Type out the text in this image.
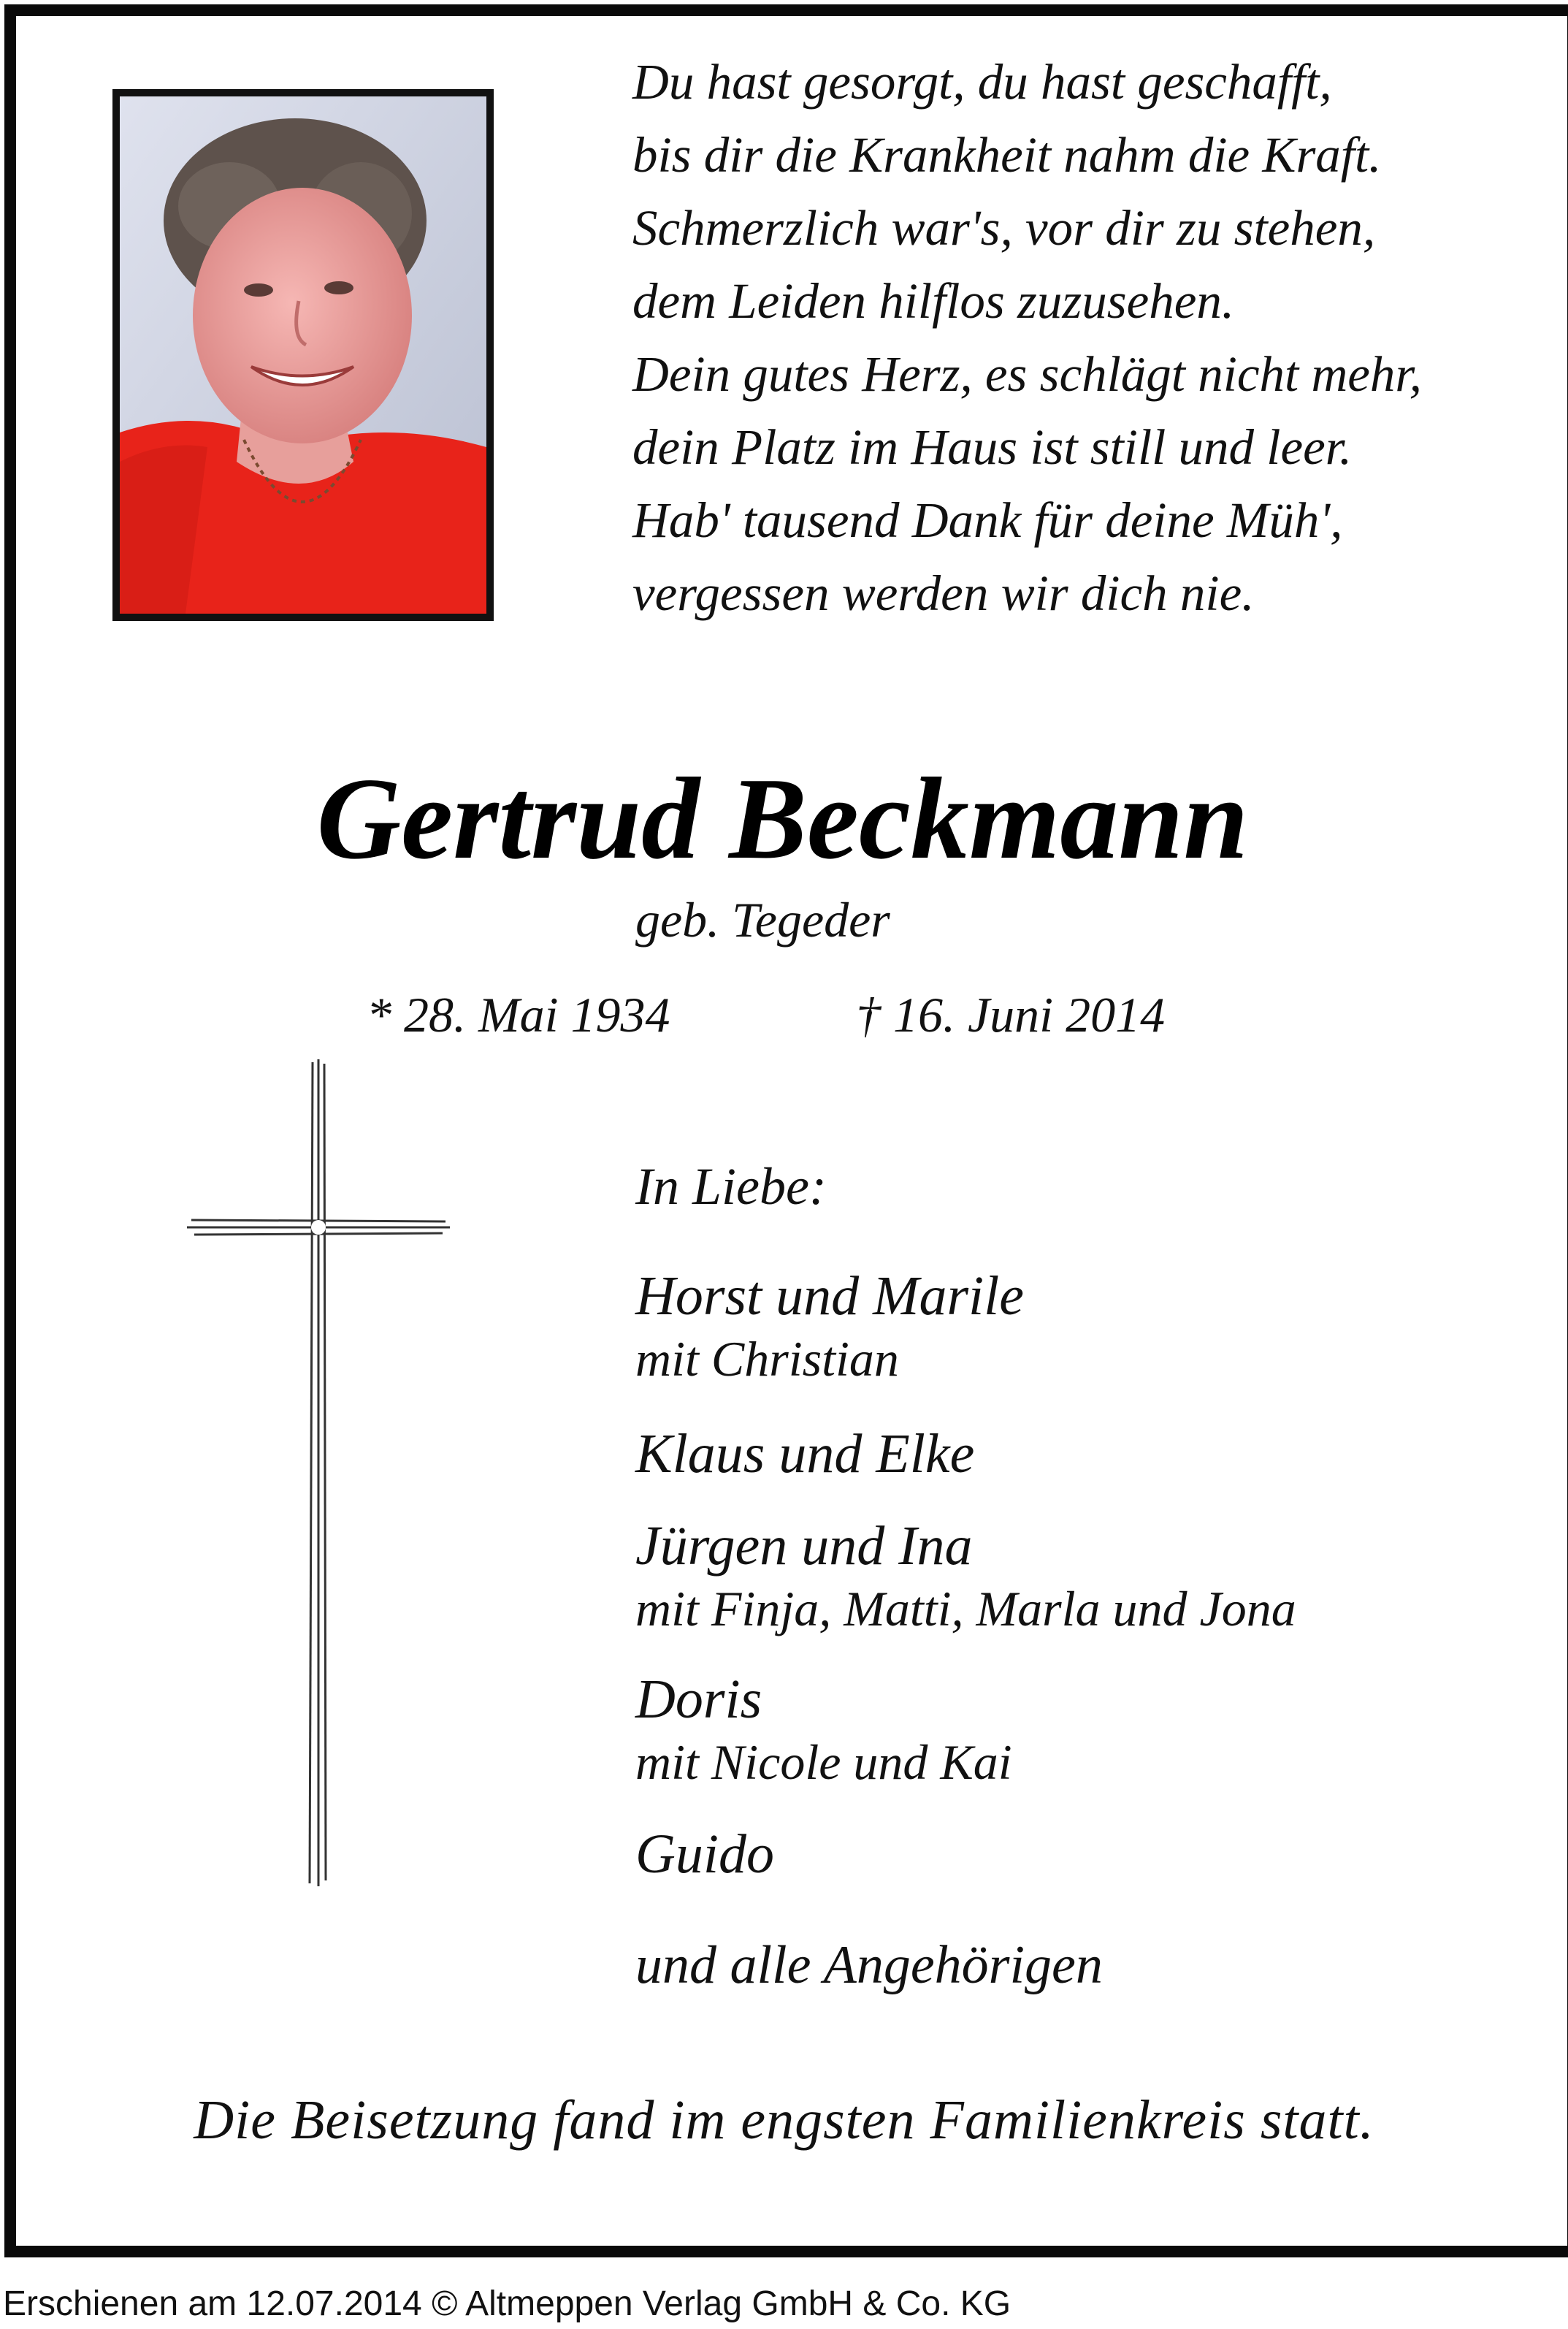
Du hast gesorgt, du hast geschafft,
bis dir die Krankheit nahm die Kraft.
Schmerzlich war's, vor dir zu stehen,
dem Leiden hilflos zuzusehen.
Dein gutes Herz, es schlägt nicht mehr,
dein Platz im Haus ist still und leer.
Hab' tausend Dank für deine Müh',
vergessen werden wir dich nie.
Gertrud Beckmann
geb. Tegeder
* 28. Mai 1934	† 16. Juni 2014
In Liebe:
Horst und Marile
mit Christian
Klaus und Elke
Jürgen und Ina
mit Finja, Matti, Marla und Jona
Doris
mit Nicole und Kai
Guido
und alle Angehörigen
Die Beisetzung fand im engsten Familienkreis statt.
Erschienen am 12.07.2014 © Altmeppen Verlag GmbH & Co. KG
